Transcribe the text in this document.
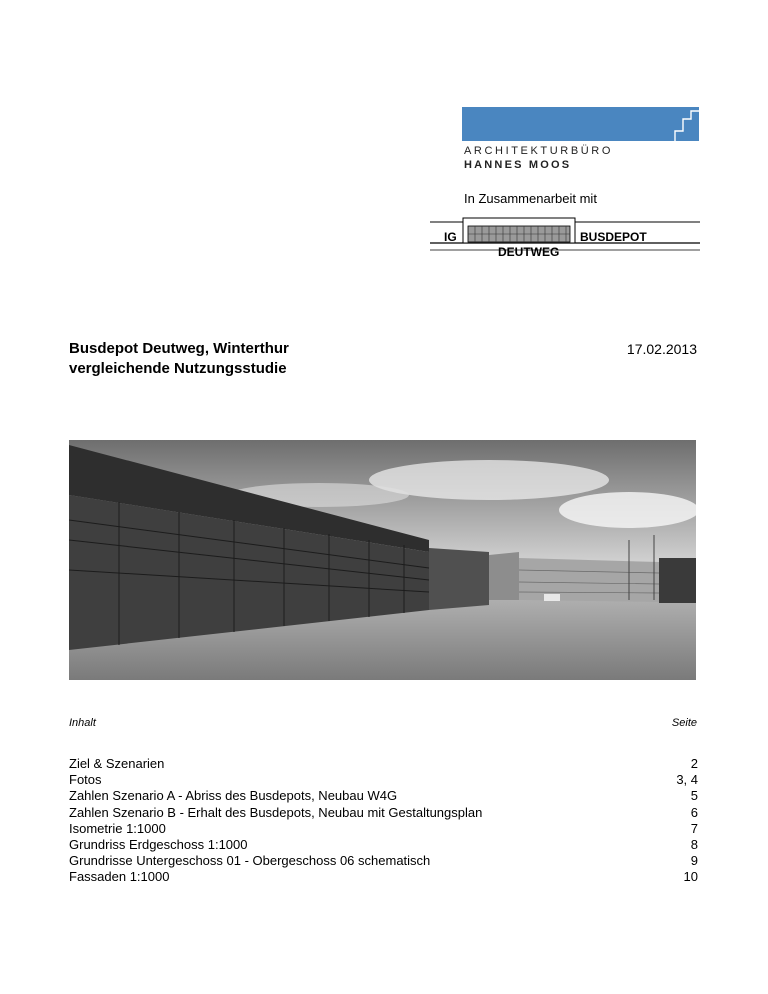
ARCHITEKTURBÜRO
HANNES MOOS
In Zusammenarbeit mit
IG	BUSDEPOT
DEUTWEG
Busdepot Deutweg, Winterthur
vergleichende Nutzungsstudie
17.02.2013
Inhalt	Seite
Ziel & Szenarien	2
Fotos	3, 4
Zahlen Szenario A - Abriss des Busdepots, Neubau W4G	5
Zahlen Szenario B - Erhalt des Busdepots, Neubau mit Gestaltungsplan	6
Isometrie 1:1000	7
Grundriss Erdgeschoss 1:1000	8
Grundrisse Untergeschoss 01 - Obergeschoss 06 schematisch	9
Fassaden 1:1000	10
